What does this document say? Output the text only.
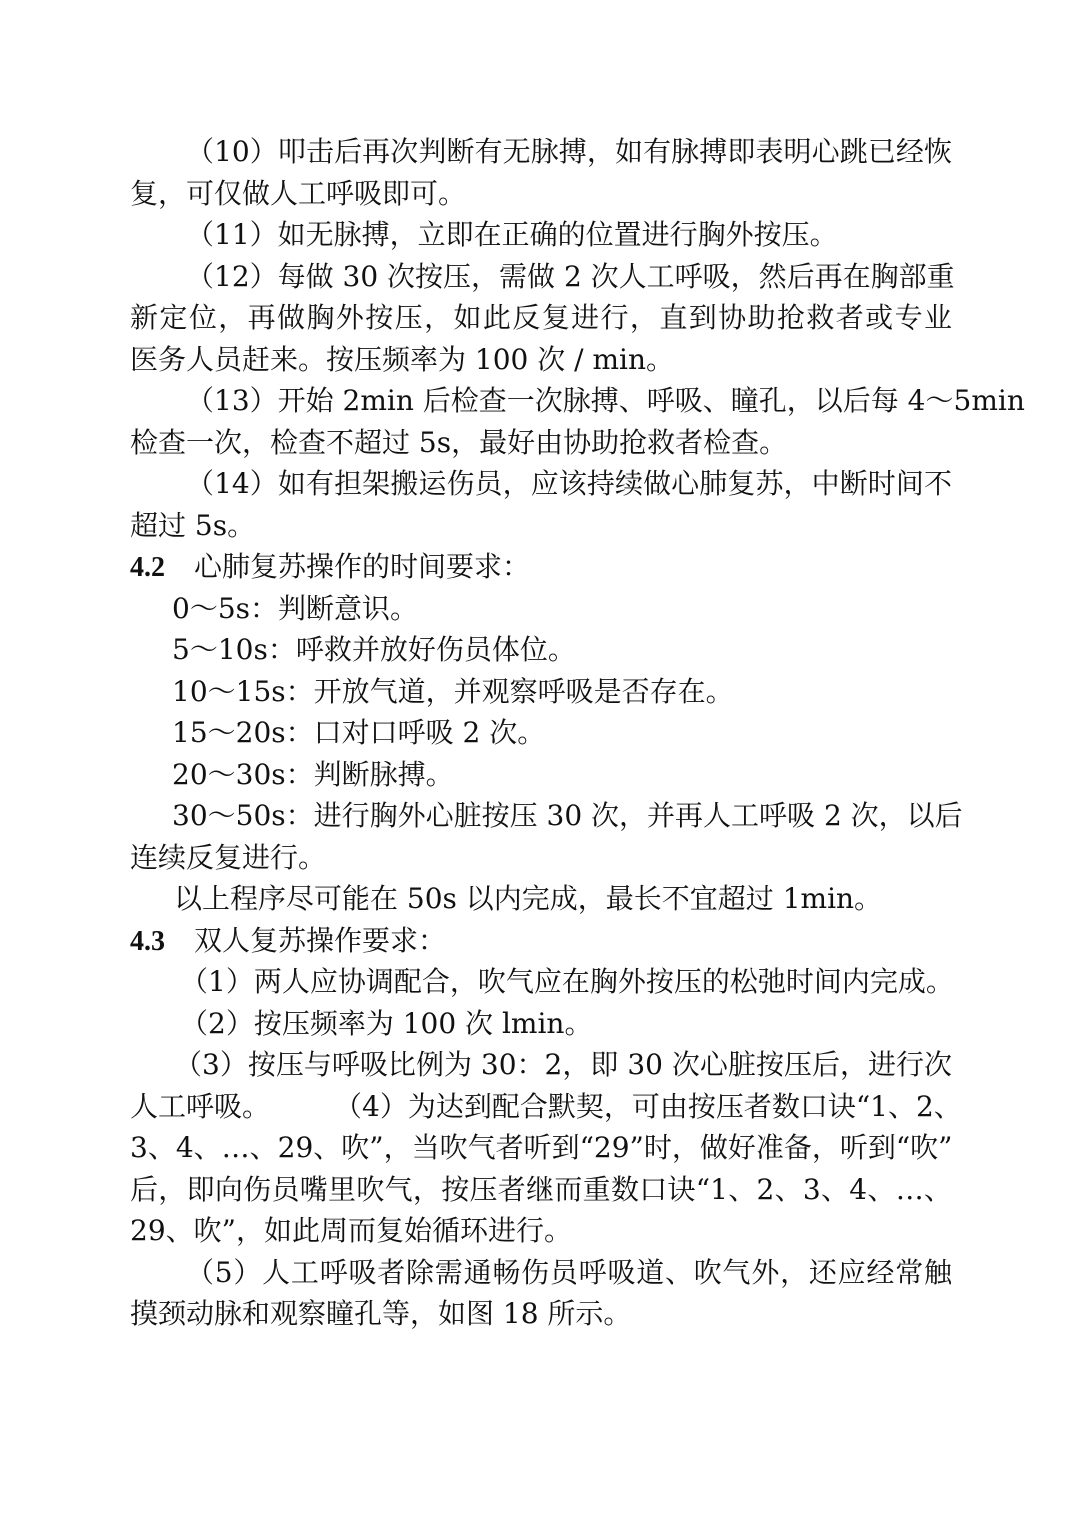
（10）叩击后再次判断有无脉搏，如有脉搏即表明心跳已经恢
复，可仅做人工呼吸即可。
（11）如无脉搏，立即在正确的位置进行胸外按压。
（12）每做 30 次按压，需做 2 次人工呼吸，然后再在胸部重
新定位，再做胸外按压，如此反复进行，直到协助抢救者或专业
医务人员赶来。按压频率为 100 次 / min。
（13）开始 2min 后检查一次脉搏、呼吸、瞳孔，以后每 4～5min
检查一次，检查不超过 5s，最好由协助抢救者检查。
（14）如有担架搬运伤员，应该持续做心肺复苏，中断时间不
超过 5s。
4.2 心肺复苏操作的时间要求：
0～5s：判断意识。
5～10s：呼救并放好伤员体位。
10～15s：开放气道，并观察呼吸是否存在。
15～20s：口对口呼吸 2 次。
20～30s：判断脉搏。
30～50s：进行胸外心脏按压 30 次，并再人工呼吸 2 次，以后
连续反复进行。
以上程序尽可能在 50s 以内完成，最长不宜超过 1min。
4.3 双人复苏操作要求：
（1）两人应协调配合，吹气应在胸外按压的松弛时间内完成。
（2）按压频率为 100 次 lmin。
（3）按压与呼吸比例为 30：2，即 30 次心脏按压后，进行次
人工呼吸。 （4）为达到配合默契，可由按压者数口诀“1、2、
3、4、…、29、吹”，当吹气者听到“29”时，做好准备，听到“吹”
后，即向伤员嘴里吹气，按压者继而重数口诀“1、2、3、4、…、
29、吹”，如此周而复始循环进行。
（5）人工呼吸者除需通畅伤员呼吸道、吹气外，还应经常触
摸颈动脉和观察瞳孔等，如图 18 所示。
